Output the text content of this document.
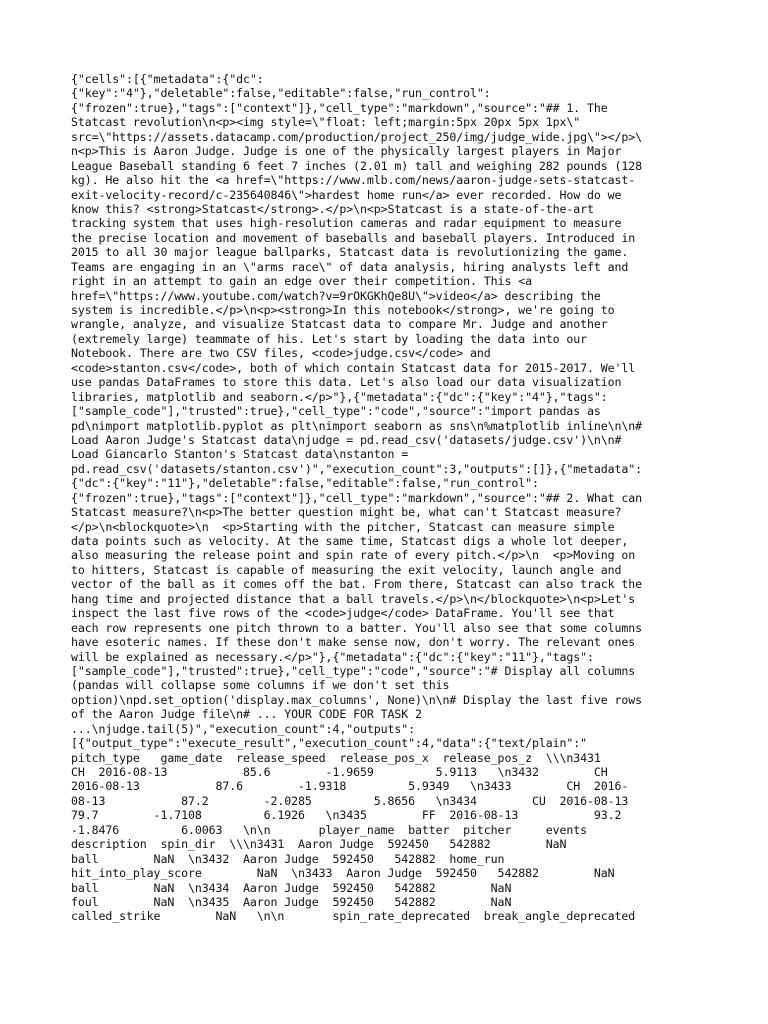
{"cells":[{"metadata":{"dc":
{"key":"4"},"deletable":false,"editable":false,"run_control":
{"frozen":true},"tags":["context"]},"cell_type":"markdown","source":"## 1. The
Statcast revolution\n<p><img style=\"float: left;margin:5px 20px 5px 1px\"
src=\"https://assets.datacamp.com/production/project_250/img/judge_wide.jpg\"></p>\
n<p>This is Aaron Judge. Judge is one of the physically largest players in Major
League Baseball standing 6 feet 7 inches (2.01 m) tall and weighing 282 pounds (128
kg). He also hit the <a href=\"https://www.mlb.com/news/aaron-judge-sets-statcast-
exit-velocity-record/c-235640846\">hardest home run</a> ever recorded. How do we
know this? <strong>Statcast</strong>.</p>\n<p>Statcast is a state-of-the-art
tracking system that uses high-resolution cameras and radar equipment to measure
the precise location and movement of baseballs and baseball players. Introduced in
2015 to all 30 major league ballparks, Statcast data is revolutionizing the game.
Teams are engaging in an \"arms race\" of data analysis, hiring analysts left and
right in an attempt to gain an edge over their competition. This <a
href=\"https://www.youtube.com/watch?v=9rOKGKhQe8U\">video</a> describing the
system is incredible.</p>\n<p><strong>In this notebook</strong>, we're going to
wrangle, analyze, and visualize Statcast data to compare Mr. Judge and another
(extremely large) teammate of his. Let's start by loading the data into our
Notebook. There are two CSV files, <code>judge.csv</code> and
<code>stanton.csv</code>, both of which contain Statcast data for 2015-2017. We'll
use pandas DataFrames to store this data. Let's also load our data visualization
libraries, matplotlib and seaborn.</p>"},{"metadata":{"dc":{"key":"4"},"tags":
["sample_code"],"trusted":true},"cell_type":"code","source":"import pandas as
pd\nimport matplotlib.pyplot as plt\nimport seaborn as sns\n%matplotlib inline\n\n#
Load Aaron Judge's Statcast data\njudge = pd.read_csv('datasets/judge.csv')\n\n#
Load Giancarlo Stanton's Statcast data\nstanton =
pd.read_csv('datasets/stanton.csv')","execution_count":3,"outputs":[]},{"metadata":
{"dc":{"key":"11"},"deletable":false,"editable":false,"run_control":
{"frozen":true},"tags":["context"]},"cell_type":"markdown","source":"## 2. What can
Statcast measure?\n<p>The better question might be, what can't Statcast measure?
</p>\n<blockquote>\n  <p>Starting with the pitcher, Statcast can measure simple
data points such as velocity. At the same time, Statcast digs a whole lot deeper,
also measuring the release point and spin rate of every pitch.</p>\n  <p>Moving on
to hitters, Statcast is capable of measuring the exit velocity, launch angle and
vector of the ball as it comes off the bat. From there, Statcast can also track the
hang time and projected distance that a ball travels.</p>\n</blockquote>\n<p>Let's
inspect the last five rows of the <code>judge</code> DataFrame. You'll see that
each row represents one pitch thrown to a batter. You'll also see that some columns
have esoteric names. If these don't make sense now, don't worry. The relevant ones
will be explained as necessary.</p>"},{"metadata":{"dc":{"key":"11"},"tags":
["sample_code"],"trusted":true},"cell_type":"code","source":"# Display all columns
(pandas will collapse some columns if we don't set this
option)\npd.set_option('display.max_columns', None)\n\n# Display the last five rows
of the Aaron Judge file\n# ... YOUR CODE FOR TASK 2
...\njudge.tail(5)","execution_count":4,"outputs":
[{"output_type":"execute_result","execution_count":4,"data":{"text/plain":"
pitch_type   game_date  release_speed  release_pos_x  release_pos_z  \\\n3431
CH  2016-08-13           85.6        -1.9659         5.9113   \n3432        CH
2016-08-13           87.6        -1.9318         5.9349   \n3433        CH  2016-
08-13           87.2        -2.0285         5.8656   \n3434        CU  2016-08-13
79.7        -1.7108         6.1926   \n3435        FF  2016-08-13           93.2
-1.8476         6.0063   \n\n       player_name  batter  pitcher     events
description  spin_dir  \\\n3431  Aaron Judge  592450   542882        NaN
ball        NaN  \n3432  Aaron Judge  592450   542882  home_run
hit_into_play_score        NaN  \n3433  Aaron Judge  592450   542882        NaN
ball        NaN  \n3434  Aaron Judge  592450   542882        NaN
foul        NaN  \n3435  Aaron Judge  592450   542882        NaN
called_strike        NaN   \n\n       spin_rate_deprecated  break_angle_deprecated
